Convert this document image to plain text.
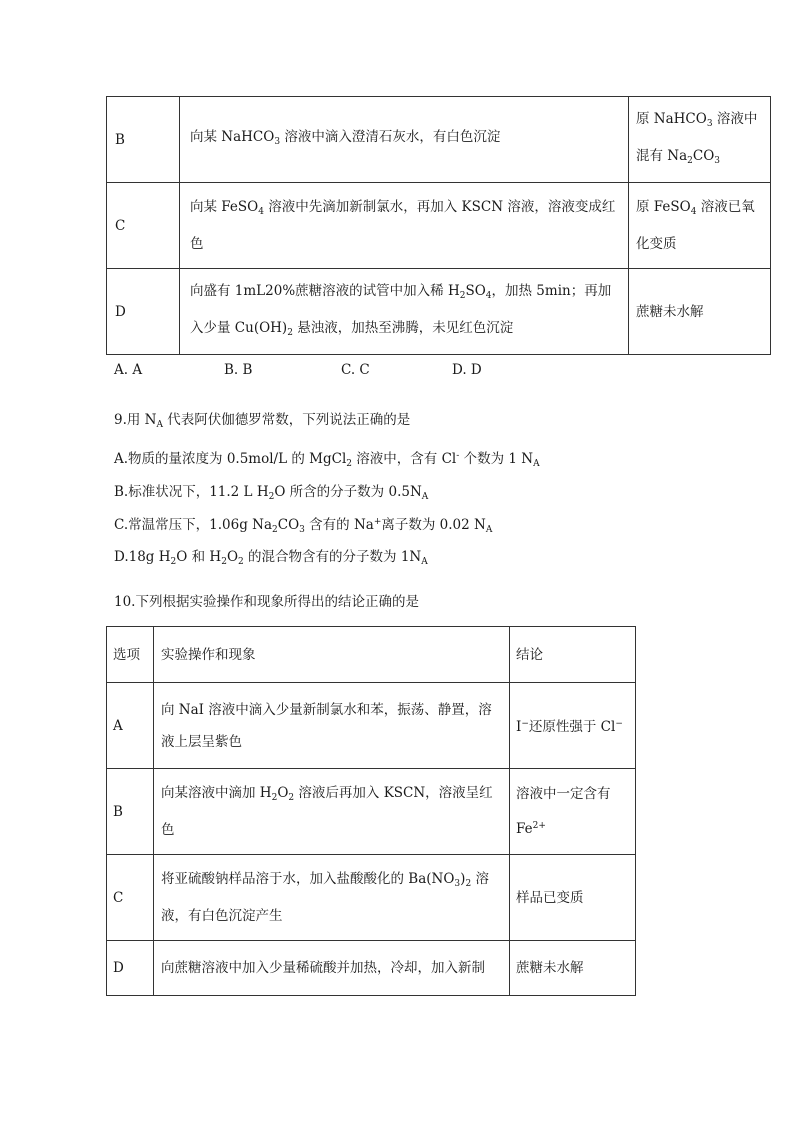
B	向某 NaHCO$_3$ 溶液中滴入澄清石灰水，有白色沉淀	原 NaHCO$_3$ 溶液中混有 $Na_2CO_3$
C	向某 FeSO$_4$ 溶液中先滴加新制氯水，再加入 KSCN 溶液，溶液变成红色	原 FeSO$_4$ 溶液已氧化变质
D	向盛有 1mL20%蔗糖溶液的试管中加入稀 $H_2SO_4$，加热 5min；再加入少量 $Cu(OH)_2$ 悬浊液，加热至沸腾，未见红色沉淀	蔗糖未水解
A. A	B. B	C. C	D. D
9.用 $N_A$ 代表阿伏伽德罗常数，下列说法正确的是
A.物质的量浓度为 0.5mol/L 的 MgCl$_2$ 溶液中，含有 Cl- 个数为 1 $N_A$
B.标准状况下，11.2 L $H_2O$ 所含的分子数为 $0.5N_A$
C.常温常压下，1.06g $Na_2CO_3$ 含有的 Na+离子数为 0.02 $N_A$
D.18g $H_2O$ 和 $H_2O_2$ 的混合物含有的分子数为 $1N_A$
10.下列根据实验操作和现象所得出的结论正确的是
选项	实验操作和现象	结论
A	向 NaI 溶液中滴入少量新制氯水和苯，振荡、静置，溶液上层呈紫色	I−还原性强于 Cl−
B	向某溶液中滴加 $H_2O_2$ 溶液后再加入 KSCN，溶液呈红色	溶液中一定含有 $Fe^{2+}$
C	将亚硫酸钠样品溶于水，加入盐酸酸化的 $Ba(NO_3)_2$ 溶液，有白色沉淀产生	样品已变质
D	向蔗糖溶液中加入少量稀硫酸并加热，冷却，加入新制	蔗糖未水解
